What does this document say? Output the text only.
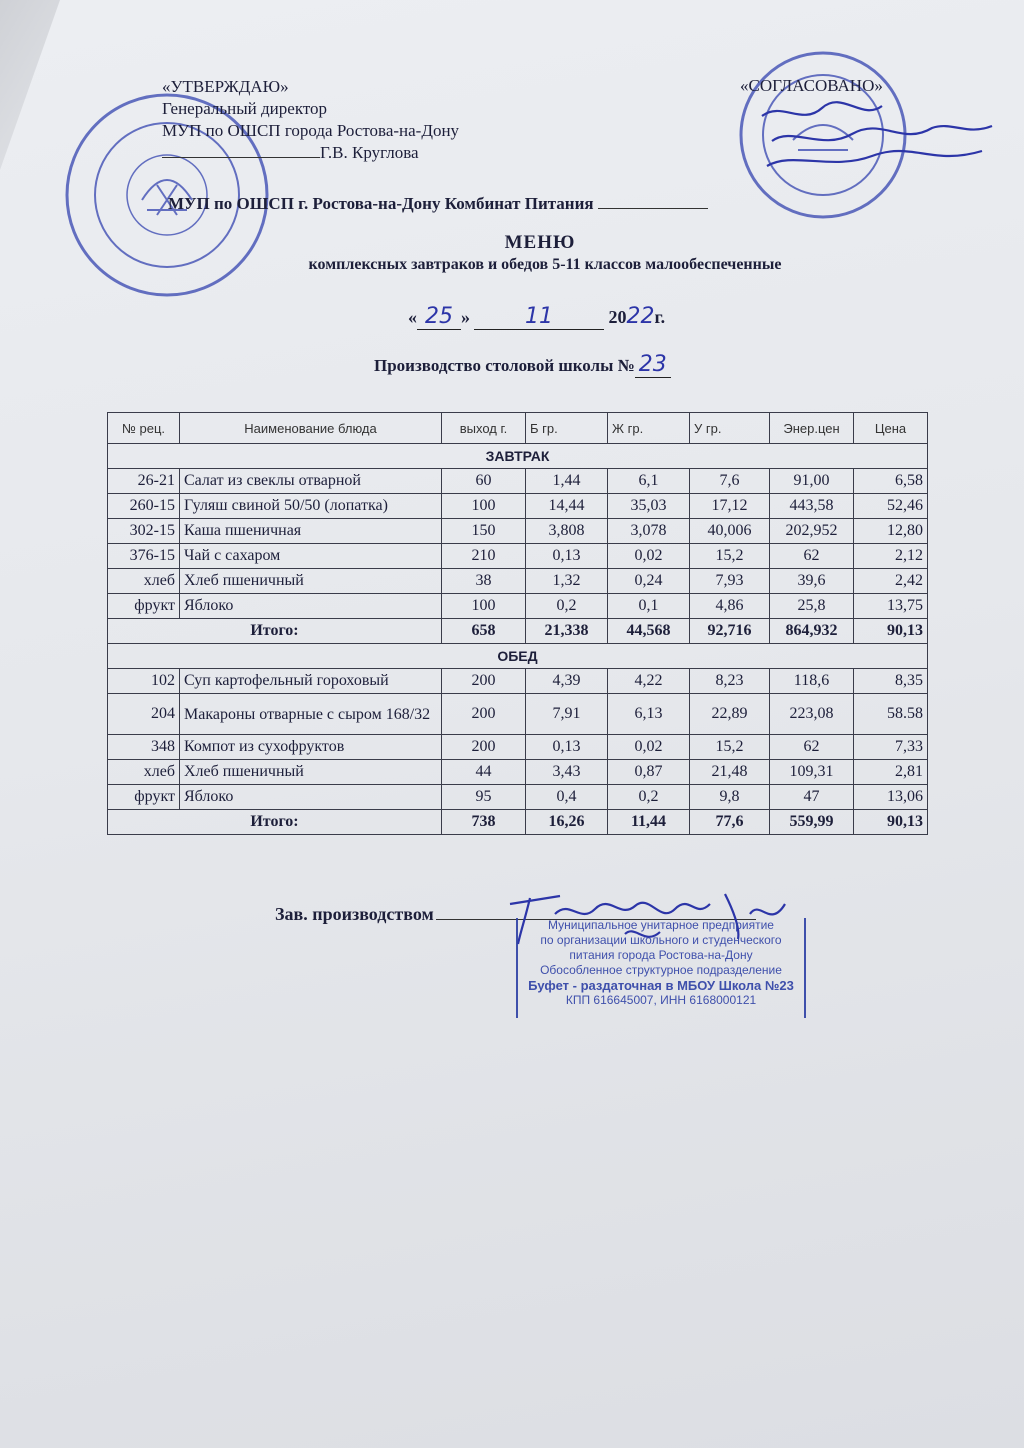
«УТВЕРЖДАЮ»
Генеральный директор
МУП по ОШСП города Ростова-на-Дону
Г.В. Круглова
«СОГЛАСОВАНО»
МУП по ОШСП г. Ростова-на-Дону Комбинат Питания
МЕНЮ
комплексных завтраков и обедов 5-11 классов малообеспеченные
« 25 »	11	2022г.
Производство столовой школы № 23
№ рец.	Наименование блюда	выход г.	Б гр.	Ж гр.	У гр.	Энер.цен	Цена
ЗАВТРАК							
26-21	Салат из свеклы отварной	60	1,44	6,1	7,6	91,00	6,58
260-15	Гуляш свиной 50/50 (лопатка)	100	14,44	35,03	17,12	443,58	52,46
302-15	Каша пшеничная	150	3,808	3,078	40,006	202,952	12,80
376-15	Чай с сахаром	210	0,13	0,02	15,2	62	2,12
хлеб	Хлеб пшеничный	38	1,32	0,24	7,93	39,6	2,42
фрукт	Яблоко	100	0,2	0,1	4,86	25,8	13,75
Итого:		658	21,338	44,568	92,716	864,932	90,13
ОБЕД							
102	Суп картофельный гороховый	200	4,39	4,22	8,23	118,6	8,35
204	Макароны отварные с сыром 168/32	200	7,91	6,13	22,89	223,08	58.58
348	Компот из сухофруктов	200	0,13	0,02	15,2	62	7,33
хлеб	Хлеб пшеничный	44	3,43	0,87	21,48	109,31	2,81
фрукт	Яблоко	95	0,4	0,2	9,8	47	13,06
Итого:		738	16,26	11,44	77,6	559,99	90,13
Зав. производством
Муниципальное унитарное предприятие
по организации школьного и студенческого
питания города Ростова-на-Дону
Обособленное структурное подразделение
Буфет - раздаточная в МБОУ Школа №23
КПП 616645007, ИНН 6168000121
